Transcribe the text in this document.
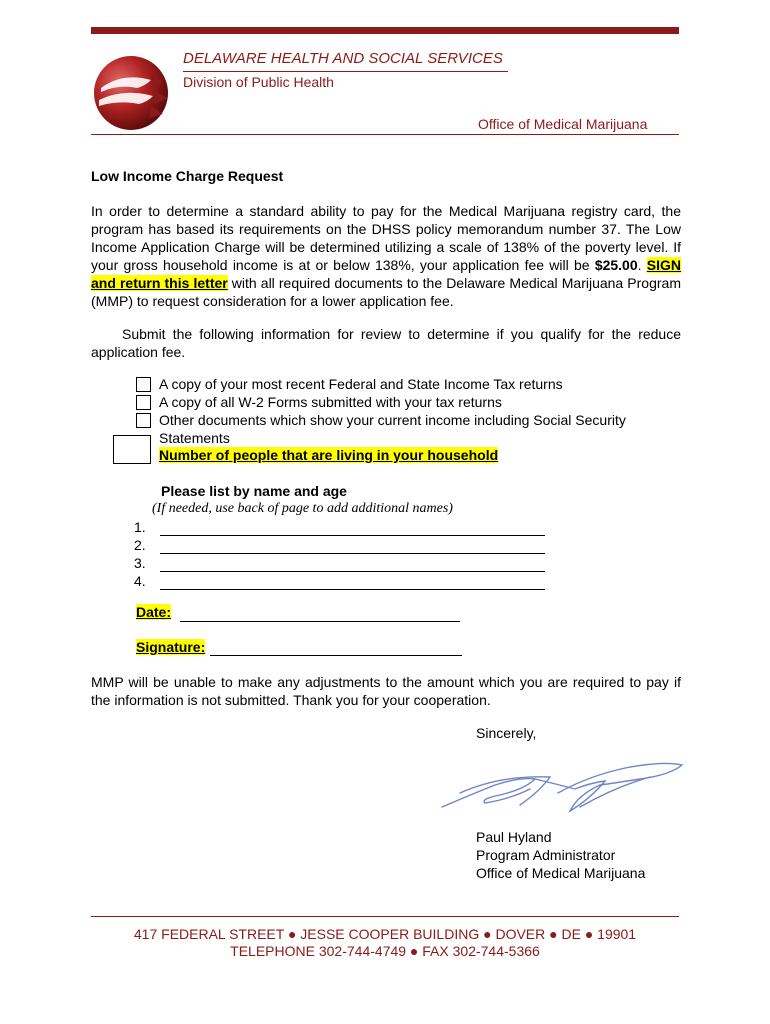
DELAWARE HEALTH AND SOCIAL SERVICES
Division of Public Health
Office of Medical Marijuana
Low Income Charge Request
In order to determine a standard ability to pay for the Medical Marijuana registry card, the program has based its requirements on the DHSS policy memorandum number 37. The Low Income Application Charge will be determined utilizing a scale of 138% of the poverty level. If your gross household income is at or below 138%, your application fee will be $25.00. SIGN and return this letter with all required documents to the Delaware Medical Marijuana Program (MMP) to request consideration for a lower application fee.
Submit the following information for review to determine if you qualify for the reduce application fee.
A copy of your most recent Federal and State Income Tax returns
A copy of all W-2 Forms submitted with your tax returns
Other documents which show your current income including Social Security Statements
Number of people that are living in your household
Please list by name and age
(If needed, use back of page to add additional names)
1.
2.
3.
4.
Date:
Signature:
MMP will be unable to make any adjustments to the amount which you are required to pay if the information is not submitted. Thank you for your cooperation.
Sincerely,
Paul Hyland
Program Administrator
Office of Medical Marijuana
417 FEDERAL STREET ● JESSE COOPER BUILDING ● DOVER ● DE ● 19901
TELEPHONE 302-744-4749 ● FAX 302-744-5366
